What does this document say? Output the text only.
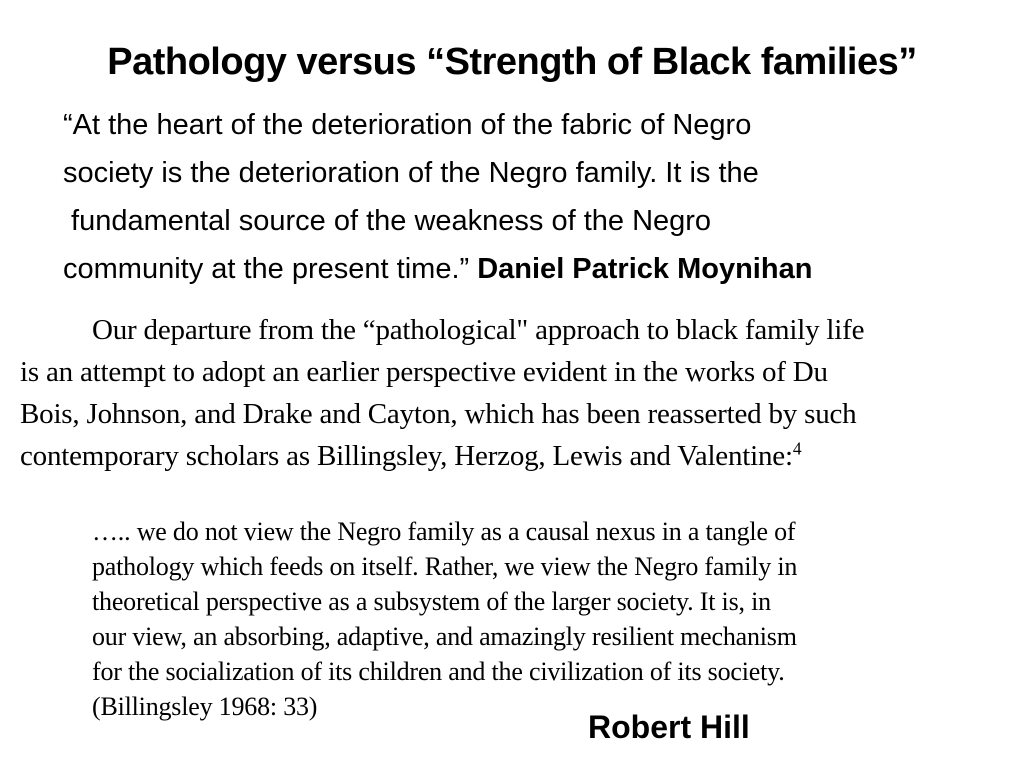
Pathology versus “Strength of Black families”
“At the heart of the deterioration of the fabric of Negro
society is the deterioration of the Negro family. It is the
fundamental source of the weakness of the Negro
community at the present time.” Daniel Patrick Moynihan
Our departure from the “pathological" approach to black family life
is an attempt to adopt an earlier perspective evident in the works of Du
Bois, Johnson, and Drake and Cayton, which has been reasserted by such
contemporary scholars as Billingsley, Herzog, Lewis and Valentine:$^4$
….. we do not view the Negro family as a causal nexus in a tangle of
pathology which feeds on itself. Rather, we view the Negro family in
theoretical perspective as a subsystem of the larger society. It is, in
our view, an absorbing, adaptive, and amazingly resilient mechanism
for the socialization of its children and the civilization of its society.
(Billingsley 1968: 33)
Robert Hill
